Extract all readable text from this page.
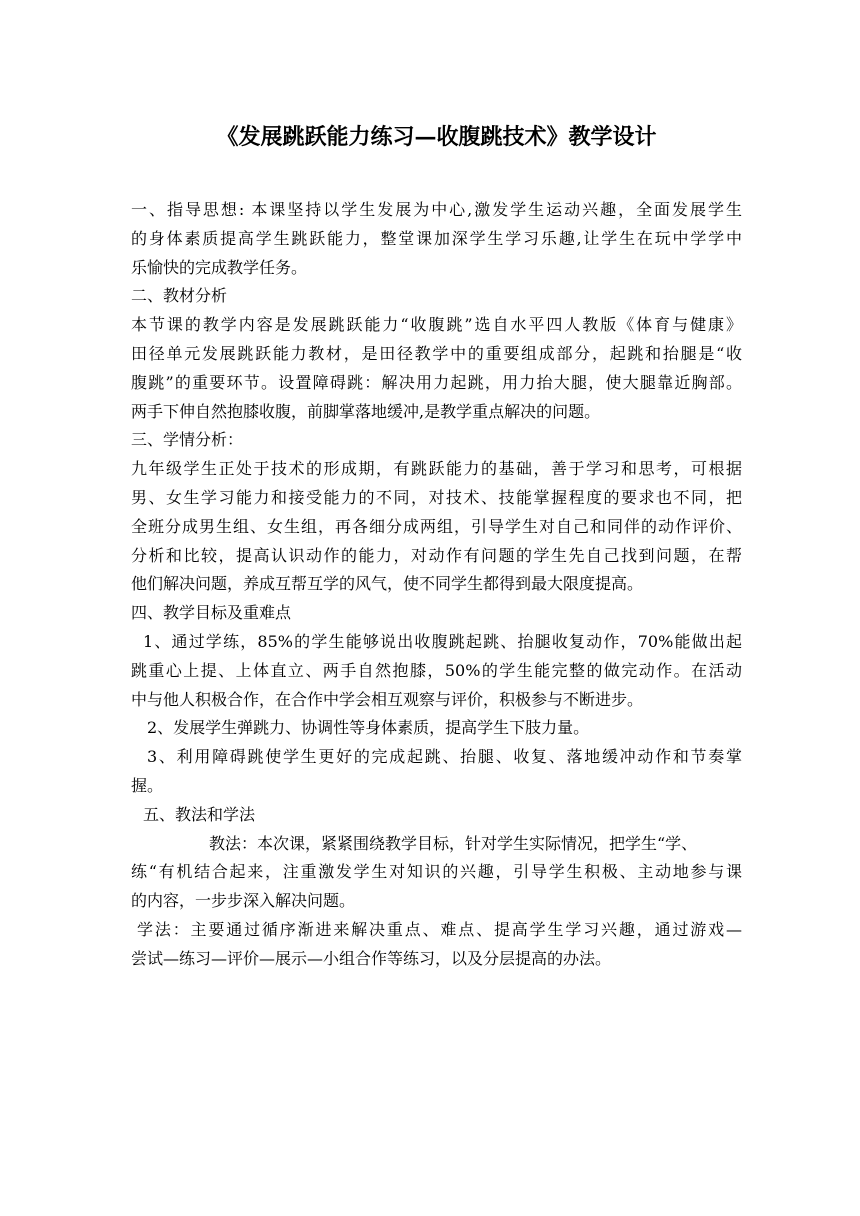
《发展跳跃能力练习—收腹跳技术》教学设计
一、指导思想: 本课坚持以学生发展为中心,激发学生运动兴趣，全面发展学生
的身体素质提高学生跳跃能力，整堂课加深学生学习乐趣,让学生在玩中学学中
乐愉快的完成教学任务。
二、教材分析
本节课的教学内容是发展跳跃能力“收腹跳”选自水平四人教版《体育与健康》
田径单元发展跳跃能力教材，是田径教学中的重要组成部分，起跳和抬腿是“收
腹跳”的重要环节。设置障碍跳：解决用力起跳，用力抬大腿，使大腿靠近胸部。
两手下伸自然抱膝收腹，前脚掌落地缓冲,是教学重点解决的问题。
三、学情分析：
九年级学生正处于技术的形成期，有跳跃能力的基础，善于学习和思考，可根据
男、女生学习能力和接受能力的不同，对技术、技能掌握程度的要求也不同，把
全班分成男生组、女生组，再各细分成两组，引导学生对自己和同伴的动作评价、
分析和比较，提高认识动作的能力，对动作有问题的学生先自己找到问题，在帮
他们解决问题，养成互帮互学的风气，使不同学生都得到最大限度提高。
四、教学目标及重难点
1、通过学练，85%的学生能够说出收腹跳起跳、抬腿收复动作，70%能做出起
跳重心上提、上体直立、两手自然抱膝，50%的学生能完整的做完动作。在活动
中与他人积极合作，在合作中学会相互观察与评价，积极参与不断进步。
2、发展学生弹跳力、协调性等身体素质，提高学生下肢力量。
3、利用障碍跳使学生更好的完成起跳、抬腿、收复、落地缓冲动作和节奏掌
握。
五、教法和学法
教法：本次课，紧紧围绕教学目标，针对学生实际情况，把学生“学、
练“有机结合起来，注重激发学生对知识的兴趣，引导学生积极、主动地参与课
的内容，一步步深入解决问题。
学法：主要通过循序渐进来解决重点、难点、提高学生学习兴趣，通过游戏—
尝试—练习—评价—展示—小组合作等练习，以及分层提高的办法。
